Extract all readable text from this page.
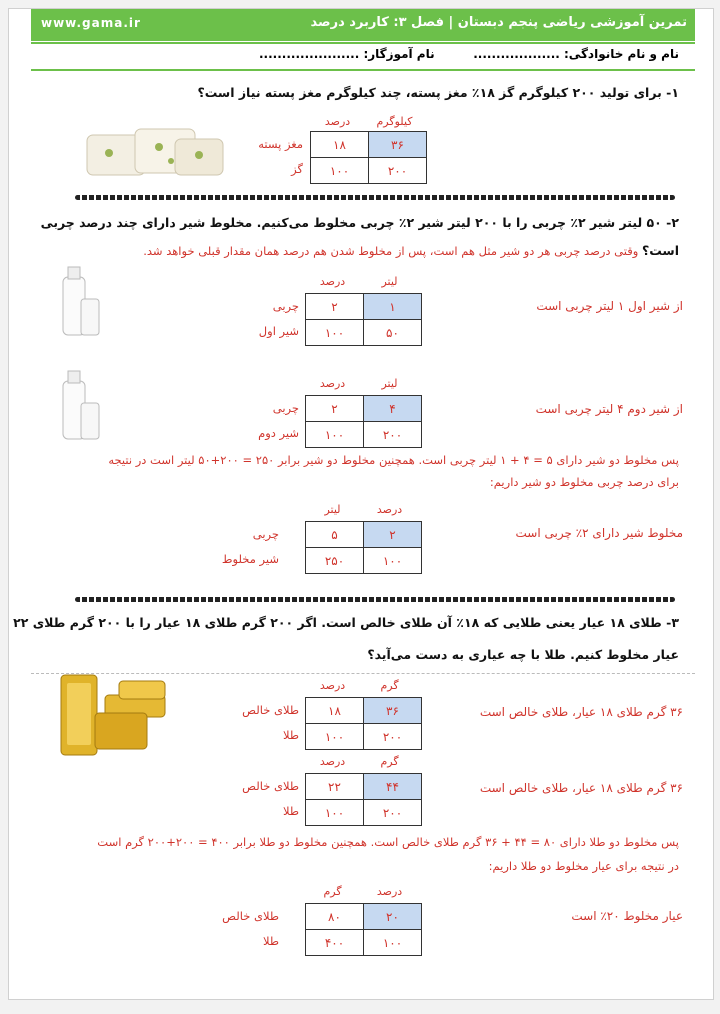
تمرین آموزشی ریاضی پنجم دبستان | فصل ۳: کاربرد درصد
www.gama.ir
نام و نام خانوادگی: ...................
نام آموزگار: ......................
۱- برای تولید ۲۰۰ کیلوگرم گز ۱۸٪ مغز پسته، چند کیلوگرم مغز پسته نیاز است؟
کیلوگرم
درصد
۱۸	۳۶
۱۰۰	۲۰۰
مغز پسته
گز
۲- ۵۰ لیتر شیر ۲٪ چربی را با ۲۰۰ لیتر شیر ۲٪ چربی مخلوط می‌کنیم. مخلوط شیر دارای چند درصد چربی
است؟ وقتی درصد چربی هر دو شیر مثل هم است، پس از مخلوط شدن هم درصد همان مقدار قبلی خواهد شد.
از شیر اول ۱ لیتر چربی است
لیتر
درصد
۲	۱
۱۰۰	۵۰
چربی
شیر اول
از شیر دوم ۴ لیتر چربی است
لیتر
درصد
۲	۴
۱۰۰	۲۰۰
چربی
شیر دوم
پس مخلوط دو شیر دارای ۵ = ۴ + ۱ لیتر چربی است. همچنین مخلوط دو شیر برابر ۲۵۰ = ۲۰۰+۵۰ لیتر است در نتیجه
برای درصد چربی مخلوط دو شیر داریم:
مخلوط شیر دارای ۲٪ چربی است
درصد
لیتر
۵	۲
۲۵۰	۱۰۰
چربی
شیر مخلوط
۳- طلای ۱۸ عیار یعنی طلایی که ۱۸٪ آن طلای خالص است. اگر ۲۰۰ گرم طلای ۱۸ عیار را با ۲۰۰ گرم طلای ۲۲
عیار مخلوط کنیم. طلا با چه عیاری به دست می‌آید؟
۳۶ گرم طلای ۱۸ عیار، طلای خالص است
گرم
درصد
۱۸	۳۶
۱۰۰	۲۰۰
طلای خالص
طلا
۳۶ گرم طلای ۱۸ عیار، طلای خالص است
گرم
درصد
۲۲	۴۴
۱۰۰	۲۰۰
طلای خالص
طلا
پس مخلوط دو طلا دارای ۸۰ = ۴۴ + ۳۶ گرم طلای خالص است. همچنین مخلوط دو طلا برابر ۴۰۰ = ۲۰۰+۲۰۰ گرم است
در نتیجه برای عیار مخلوط دو طلا داریم:
عیار مخلوط ۲۰٪ است
درصد
گرم
۸۰	۲۰
۴۰۰	۱۰۰
طلای خالص
طلا
